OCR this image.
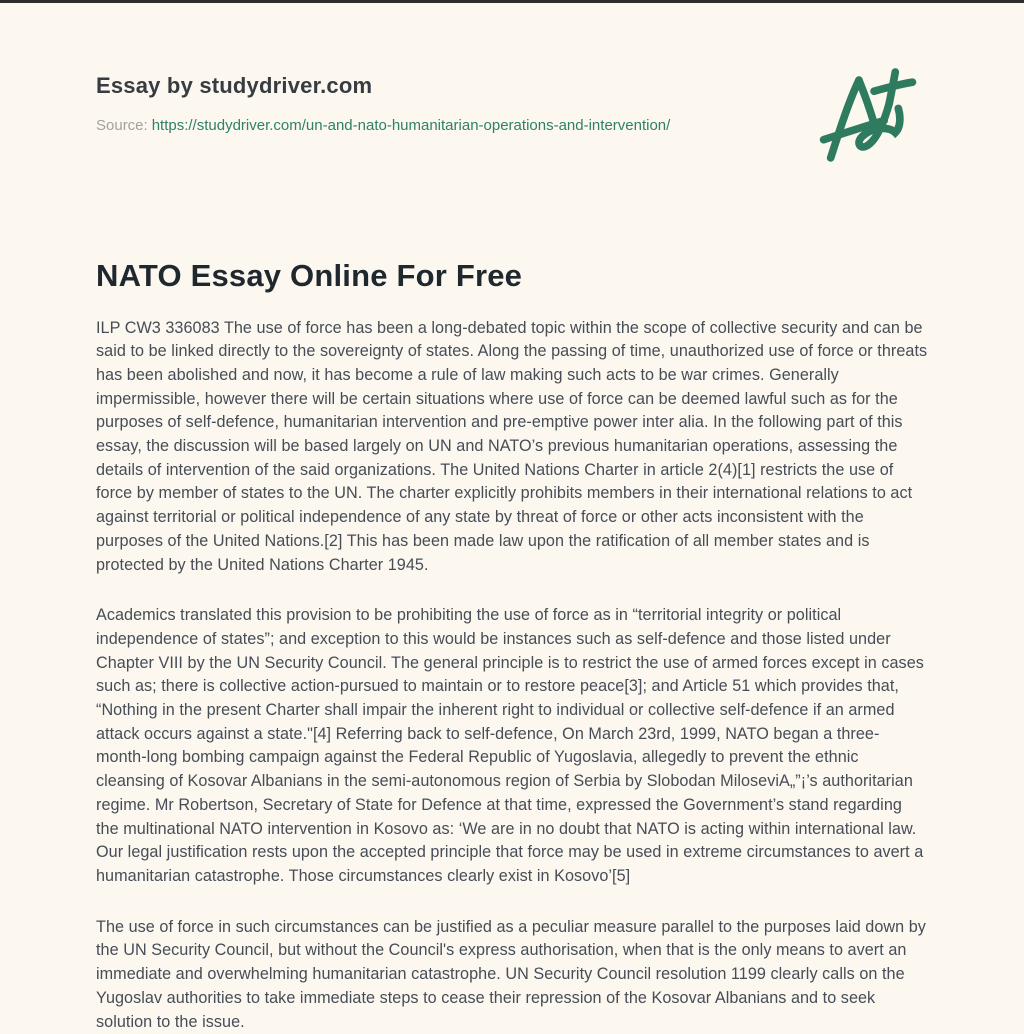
Essay by studydriver.com
Source: https://studydriver.com/un-and-nato-humanitarian-operations-and-intervention/
NATO Essay Online For Free

ILP CW3 336083 The use of force has been a long-debated topic within the scope of collective security and can be said to be linked directly to the sovereignty of states. Along the passing of time, unauthorized use of force or threats has been abolished and now, it has become a rule of law making such acts to be war crimes. Generally impermissible, however there will be certain situations where use of force can be deemed lawful such as for the purposes of self-defence, humanitarian intervention and pre-emptive power inter alia. In the following part of this essay, the discussion will be based largely on UN and NATO’s previous humanitarian operations, assessing the details of intervention of the said organizations. The United Nations Charter in article 2(4)[1] restricts the use of force by member of states to the UN. The charter explicitly prohibits members in their international relations to act against territorial or political independence of any state by threat of force or other acts inconsistent with the purposes of the United Nations.[2] This has been made law upon the ratification of all member states and is protected by the United Nations Charter 1945.

Academics translated this provision to be prohibiting the use of force as in “territorial integrity or political independence of states”; and exception to this would be instances such as self-defence and those listed under Chapter VIII by the UN Security Council. The general principle is to restrict the use of armed forces except in cases such as; there is collective action-pursued to maintain or to restore peace[3]; and Article 51 which provides that, “Nothing in the present Charter shall impair the inherent right to individual or collective self-defence if an armed attack occurs against a state."[4] Referring back to self-defence, On March 23rd, 1999, NATO began a three-month-long bombing campaign against the Federal Republic of Yugoslavia, allegedly to prevent the ethnic cleansing of Kosovar Albanians in the semi-autonomous region of Serbia by Slobodan MiloseviA„”¡’s authoritarian regime. Mr Robertson, Secretary of State for Defence at that time, expressed the Government’s stand regarding the multinational NATO intervention in Kosovo as: ‘We are in no doubt that NATO is acting within international law. Our legal justification rests upon the accepted principle that force may be used in extreme circumstances to avert a humanitarian catastrophe. Those circumstances clearly exist in Kosovo’[5]

The use of force in such circumstances can be justified as a peculiar measure parallel to the purposes laid down by the UN Security Council, but without the Council's express authorisation, when that is the only means to avert an immediate and overwhelming humanitarian catastrophe. UN Security Council resolution 1199 clearly calls on the Yugoslav authorities to take immediate steps to cease their repression of the Kosovar Albanians and to seek solution to the issue.
